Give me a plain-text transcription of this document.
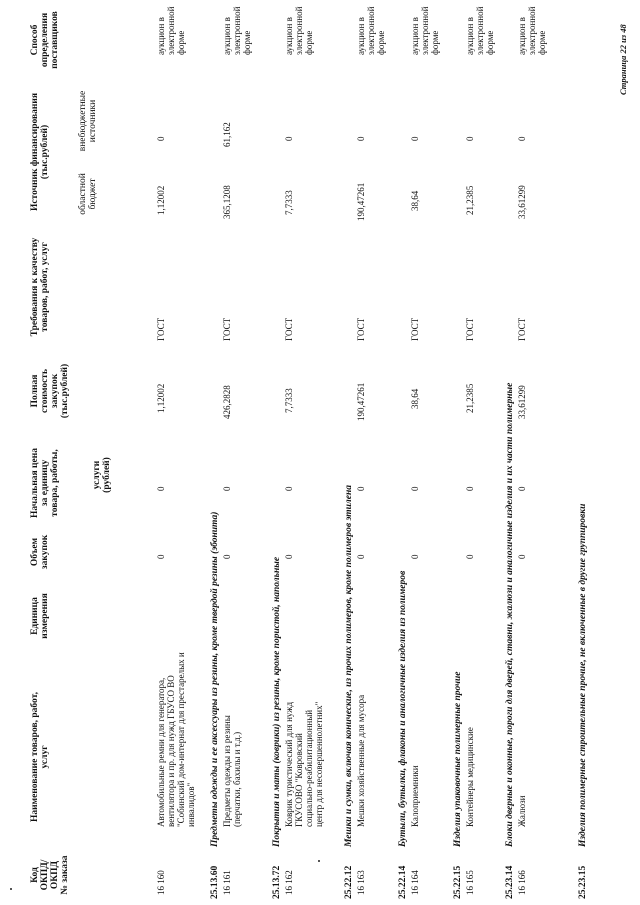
Код ОКПД/ ОКПД № заказа
Наименование товаров, работ, услуг
Единица измерения
Объем закупок
Начальная цена за единицу товара, работы,	услуги (рублей)
Полная стоимость закупок (тыс.рублей)
Требования к качеству товаров, работ, услуг
Источник финансирования (тыс.рублей)
областной бюджет
внебюджетные источники
Способ определения поставщиков
16 160
Автомобильные ремни для генератора, вентилятора и пр. для нужд ГБУСО ВО "Собинский дом-интернат для престарелых и инвалидов"
0
0
1,12002
ГОСТ
1,12002
0
аукцион в электронной форме
25.13.60
Предметы одежды и ее аксессуары из резины, кроме твердой резины (эбонита)
16 161
Предметы одежды из резины (перчатки, бахилы и т.д.)
0
0
426,2828
ГОСТ
365,1208
61,162
аукцион в электронной форме
25.13.72
Покрытия и маты (коврики) из резины, кроме пористой, напольные
16 162
Коврик туристический для нужд ГКУСОВО "Ковровский социально-реабилитационный центр для несовершеннолетних"
0
0
7,7333
ГОСТ
7,7333
0
аукцион в электронной форме
25.22.12
Мешки и сумки, включая конические, из прочих полимеров, кроме полимеров этилена
16 163
Мешки хозяйственные для мусора
0
0
190,47261
ГОСТ
190,47261
0
аукцион в электронной форме
25.22.14
Бутыли, бутылки, флаконы и аналогичные изделия из полимеров
16 164
Калоприемники
0
0
38,64
ГОСТ
38,64
0
аукцион в электронной форме
25.22.15
Изделия упаковочные полимерные прочие
16 165
Контейнеры медицинские
0
0
21,2385
ГОСТ
21,2385
0
аукцион в электронной форме
25.23.14
Блоки дверные и оконные, пороги для дверей, ставни, жалюзи и аналогичные изделия и их части полимерные
16 166
Жалюзи
0
0
33,61299
ГОСТ
33,61299
0
аукцион в электронной форме
25.23.15
Изделия полимерные строительные прочие, не включенные в другие группировки
Страница 22 из 48
